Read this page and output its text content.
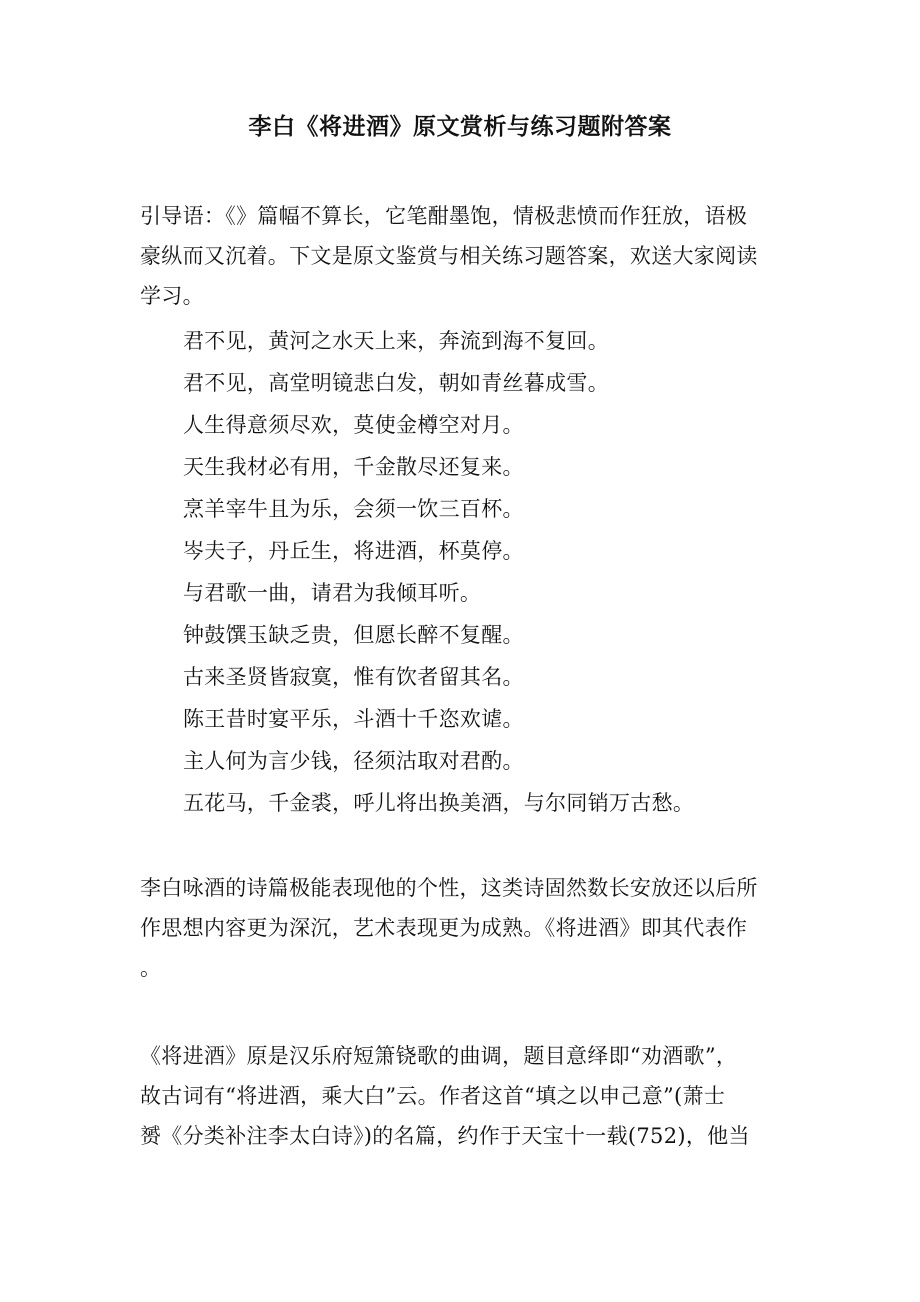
李白《将进酒》原文赏析与练习题附答案
引导语：《》篇幅不算长，它笔酣墨饱，情极悲愤而作狂放，语极
豪纵而又沉着。下文是原文鉴赏与相关练习题答案，欢送大家阅读
学习。
君不见，黄河之水天上来，奔流到海不复回。
君不见，高堂明镜悲白发，朝如青丝暮成雪。
人生得意须尽欢，莫使金樽空对月。
天生我材必有用，千金散尽还复来。
烹羊宰牛且为乐，会须一饮三百杯。
岑夫子，丹丘生，将进酒，杯莫停。
与君歌一曲，请君为我倾耳听。
钟鼓馔玉缺乏贵，但愿长醉不复醒。
古来圣贤皆寂寞，惟有饮者留其名。
陈王昔时宴平乐，斗酒十千恣欢谑。
主人何为言少钱，径须沽取对君酌。
五花马，千金裘，呼儿将出换美酒，与尔同销万古愁。
李白咏酒的诗篇极能表现他的个性，这类诗固然数长安放还以后所
作思想内容更为深沉，艺术表现更为成熟。《将进酒》即其代表作
。
《将进酒》原是汉乐府短箫铙歌的曲调，题目意绎即“劝酒歌”，
故古词有“将进酒，乘大白”云。作者这首“填之以申己意”(萧士
赟《分类补注李太白诗》)的名篇，约作于天宝十一载(752)，他当
